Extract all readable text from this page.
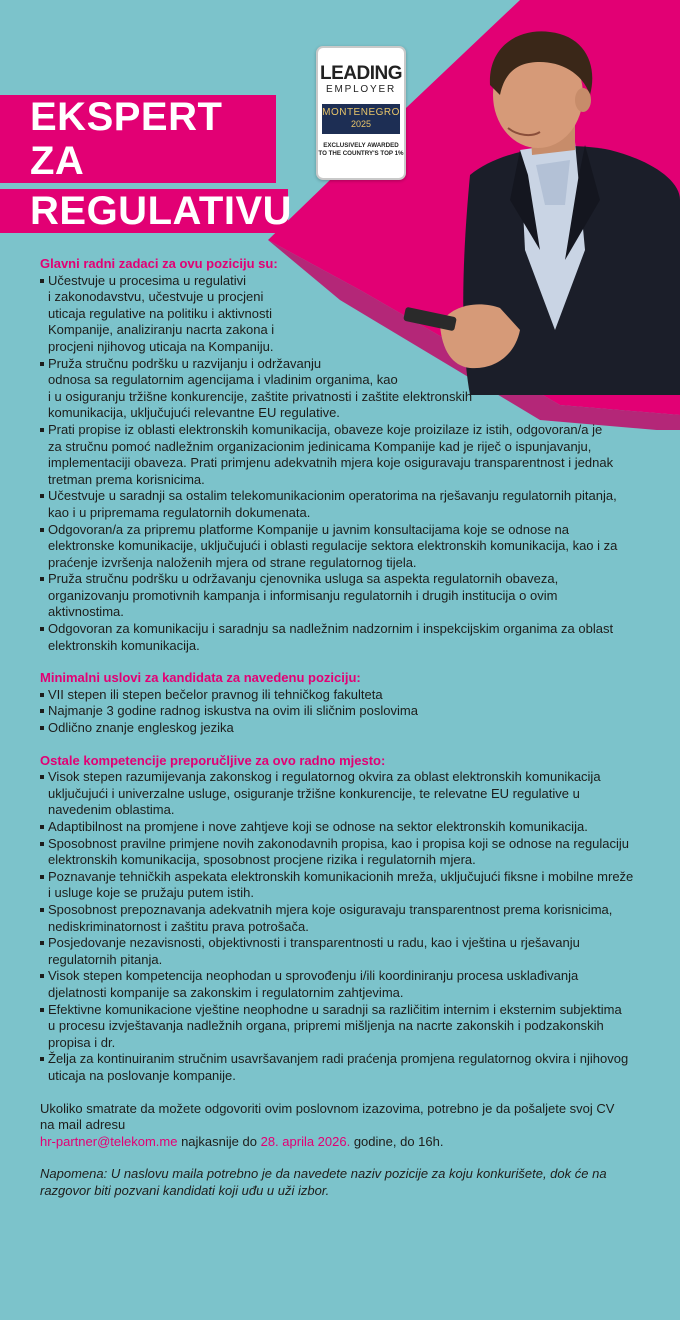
EKSPERT ZA
REGULATIVU
LEADING
EMPLOYER
MONTENEGRO
2025
EXCLUSIVELY AWARDED
TO THE COUNTRY'S TOP 1%
Glavni radni zadaci za ovu poziciju su:
Učestvuje u procesima u regulativi
i zakonodavstvu, učestvuje u procjeni
uticaja regulative na politiku i aktivnosti
Kompanije, analiziranju nacrta zakona i
procjeni njihovog uticaja na Kompaniju.
Pruža stručnu podršku u razvijanju i održavanju
odnosa sa regulatornim agencijama i vladinim organima, kao
i u osiguranju tržišne konkurencije, zaštite privatnosti i zaštite elektronskih
komunikacija, uključujući relevantne EU regulative.
Prati propise iz oblasti elektronskih komunikacija, obaveze koje proizilaze iz istih, odgovoran/a je
za stručnu pomoć nadležnim organizacionim jedinicama Kompanije kad je riječ o ispunjavanju,
implementaciji obaveza. Prati primjenu adekvatnih mjera koje osiguravaju transparentnost i jednak
tretman prema korisnicima.
Učestvuje u saradnji sa ostalim telekomunikacionim operatorima na rješavanju regulatornih pitanja,
kao i u pripremama regulatornih dokumenata.
Odgovoran/a za pripremu platforme Kompanije u javnim konsultacijama koje se odnose na
elektronske komunikacije, uključujući i oblasti regulacije sektora elektronskih komunikacija, kao i za
praćenje izvršenja naloženih mjera od strane regulatornog tijela.
Pruža stručnu podršku u održavanju cjenovnika usluga sa aspekta regulatornih obaveza,
organizovanju promotivnih kampanja i informisanju regulatornih i drugih institucija o ovim
aktivnostima.
Odgovoran za komunikaciju i saradnju sa nadležnim nadzornim i inspekcijskim organima za oblast
elektronskih komunikacija.
Minimalni uslovi za kandidata za navedenu poziciju:
VII stepen ili stepen bečelor pravnog ili tehničkog fakulteta
Najmanje 3 godine radnog iskustva na ovim ili sličnim poslovima
Odlično znanje engleskog jezika
Ostale kompetencije preporučljive za ovo radno mjesto:
Visok stepen razumijevanja zakonskog i regulatornog okvira za oblast elektronskih komunikacija
uključujući i univerzalne usluge, osiguranje tržišne konkurencije, te relevatne EU regulative u
navedenim oblastima.
Adaptibilnost na promjene i nove zahtjeve koji se odnose na sektor elektronskih komunikacija.
Sposobnost pravilne primjene novih zakonodavnih propisa, kao i propisa koji se odnose na regulaciju
elektronskih komunikacija, sposobnost procjene rizika i regulatornih mjera.
Poznavanje tehničkih aspekata elektronskih komunikacionih mreža, uključujući fiksne i mobilne mreže
i usluge koje se pružaju putem istih.
Sposobnost prepoznavanja adekvatnih mjera koje osiguravaju transparentnost prema korisnicima,
nediskriminatornost i zaštitu prava potrošača.
Posjedovanje nezavisnosti, objektivnosti i transparentnosti u radu, kao i vještina u rješavanju
regulatornih pitanja.
Visok stepen kompetencija neophodan u sprovođenju i/ili koordiniranju procesa usklađivanja
djelatnosti kompanije sa zakonskim i regulatornim zahtjevima.
Efektivne komunikacione vještine neophodne u saradnji sa različitim internim i eksternim subjektima
u procesu izvještavanja nadležnih organa, pripremi mišljenja na nacrte zakonskih i podzakonskih
propisa i dr.
Želja za kontinuiranim stručnim usavršavanjem radi praćenja promjena regulatornog okvira i njihovog
uticaja na poslovanje kompanije.

Ukoliko smatrate da možete odgovoriti ovim poslovnom izazovima, potrebno je da pošaljete svoj CV
na mail adresu
hr-partner@telekom.me najkasnije do 28. aprila 2026. godine, do 16h.

Napomena: U naslovu maila potrebno je da navedete naziv pozicije za koju konkurišete, dok će na
razgovor biti pozvani kandidati koji uđu u uži izbor.
